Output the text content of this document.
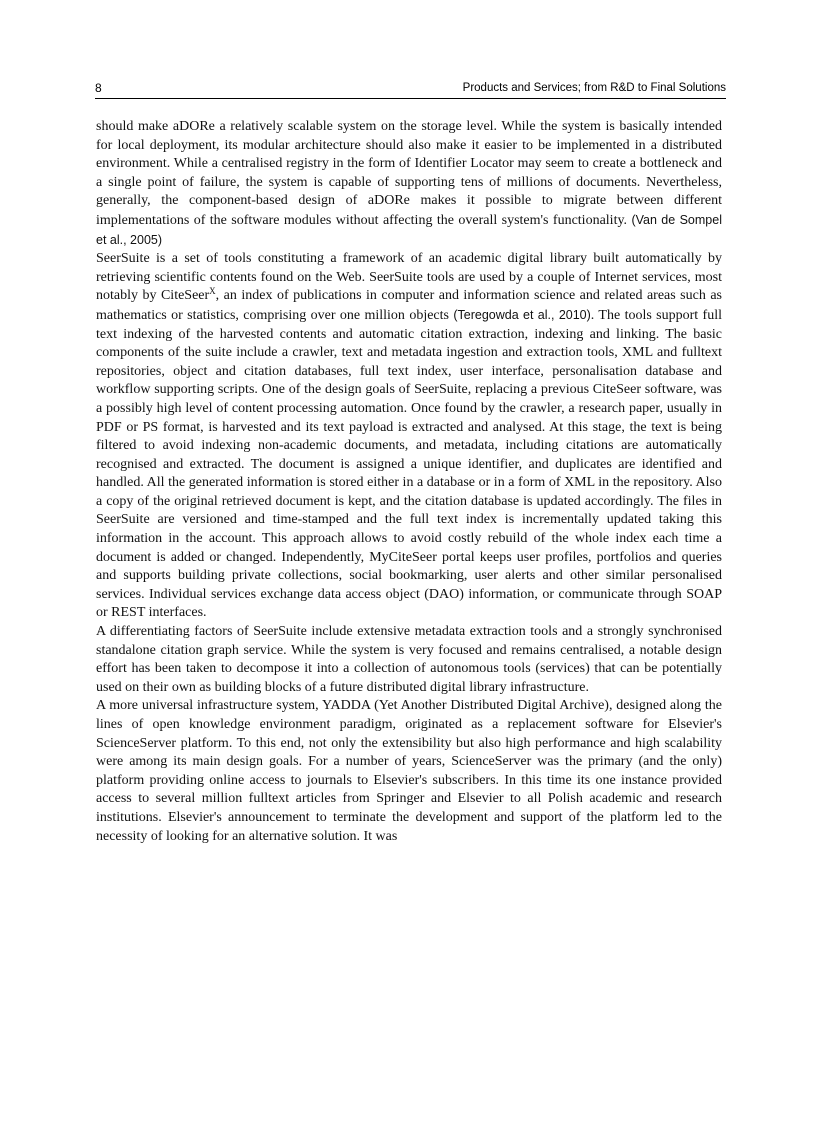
8	Products and Services; from R&D to Final Solutions

should make aDORe a relatively scalable system on the storage level. While the system is basically intended for local deployment, its modular architecture should also make it easier to be implemented in a distributed environment. While a centralised registry in the form of Identifier Locator may seem to create a bottleneck and a single point of failure, the system is capable of supporting tens of millions of documents. Nevertheless, generally, the component-based design of aDORe makes it possible to migrate between different implementations of the software modules without affecting the overall system's functionality. (Van de Sompel et al., 2005)

SeerSuite is a set of tools constituting a framework of an academic digital library built automatically by retrieving scientific contents found on the Web. SeerSuite tools are used by a couple of Internet services, most notably by CiteSeer$^X$, an index of publications in computer and information science and related areas such as mathematics or statistics, comprising over one million objects (Teregowda et al., 2010). The tools support full text indexing of the harvested contents and automatic citation extraction, indexing and linking. The basic components of the suite include a crawler, text and metadata ingestion and extraction tools, XML and fulltext repositories, object and citation databases, full text index, user interface, personalisation database and workflow supporting scripts. One of the design goals of SeerSuite, replacing a previous CiteSeer software, was a possibly high level of content processing automation. Once found by the crawler, a research paper, usually in PDF or PS format, is harvested and its text payload is extracted and analysed. At this stage, the text is being filtered to avoid indexing non-academic documents, and metadata, including citations are automatically recognised and extracted. The document is assigned a unique identifier, and duplicates are identified and handled. All the generated information is stored either in a database or in a form of XML in the repository. Also a copy of the original retrieved document is kept, and the citation database is updated accordingly. The files in SeerSuite are versioned and time-stamped and the full text index is incrementally updated taking this information in the account. This approach allows to avoid costly rebuild of the whole index each time a document is added or changed. Independently, MyCiteSeer portal keeps user profiles, portfolios and queries and supports building private collections, social bookmarking, user alerts and other similar personalised services. Individual services exchange data access object (DAO) information, or communicate through SOAP or REST interfaces.

A differentiating factors of SeerSuite include extensive metadata extraction tools and a strongly synchronised standalone citation graph service. While the system is very focused and remains centralised, a notable design effort has been taken to decompose it into a collection of autonomous tools (services) that can be potentially used on their own as building blocks of a future distributed digital library infrastructure.

A more universal infrastructure system, YADDA (Yet Another Distributed Digital Archive), designed along the lines of open knowledge environment paradigm, originated as a replacement software for Elsevier's ScienceServer platform. To this end, not only the extensibility but also high performance and high scalability were among its main design goals. For a number of years, ScienceServer was the primary (and the only) platform providing online access to journals to Elsevier's subscribers. In this time its one instance provided access to several million fulltext articles from Springer and Elsevier to all Polish academic and research institutions. Elsevier's announcement to terminate the development and support of the platform led to the necessity of looking for an alternative solution. It was
